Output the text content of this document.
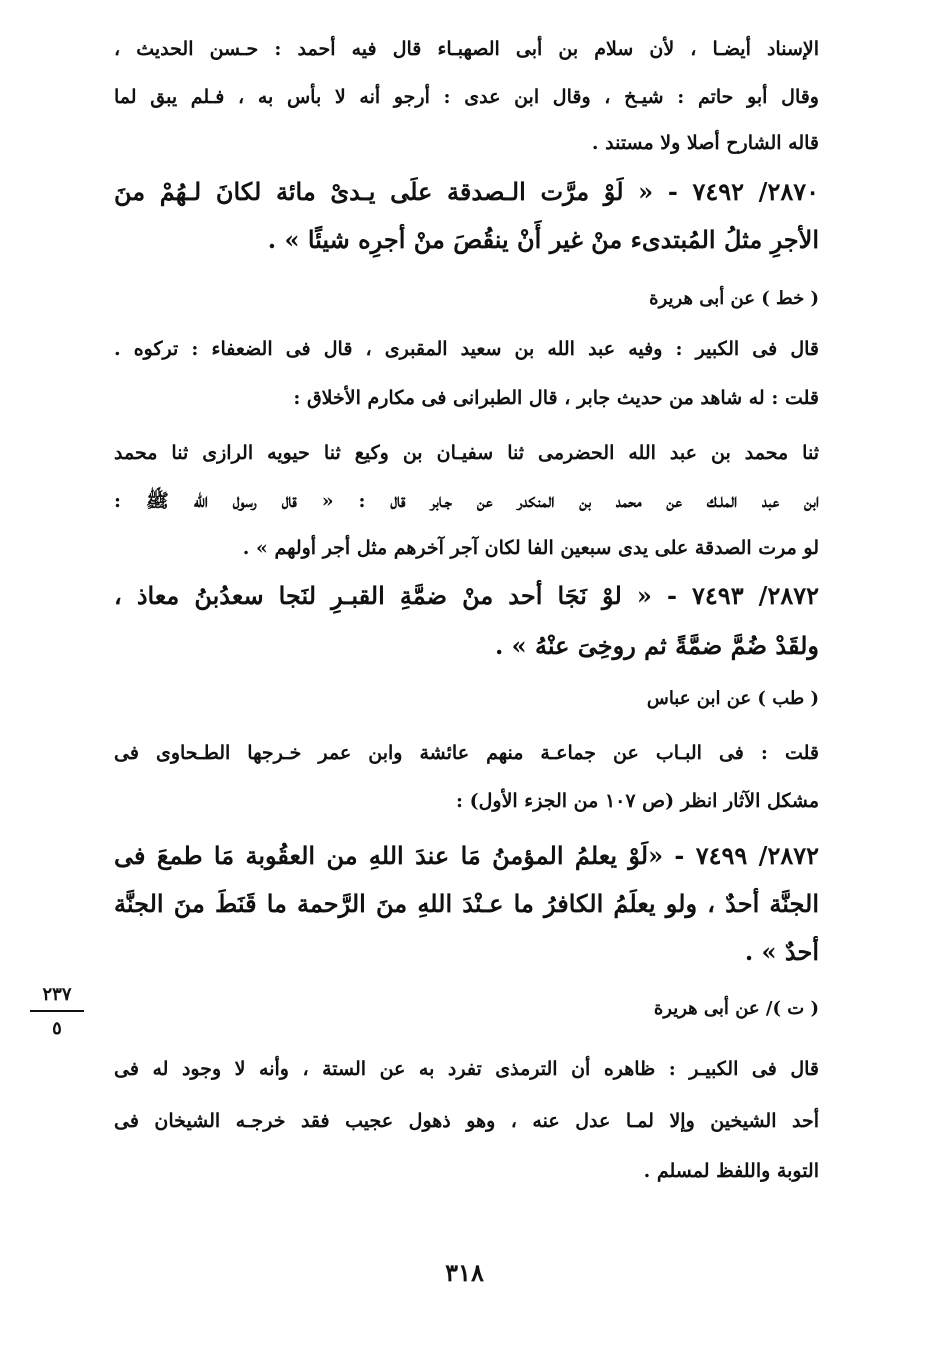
الإسناد أيضـا ، لأن سلام بن أبى الصهبـاء قال فيه أحمد : حـسن الحديث ،
وقال أبو حاتم : شيـخ ، وقال ابن عدى : أرجو أنه لا بأس به ، فـلم يبق لما
قاله الشارح أصلا ولا مستند .
٢٨٧٠/ ٧٤٩٢ - « لَوْ مرَّت الـصدقة علَى يـدىْ مائة لكانَ لـهُمْ منَ
الأجرِ مثلُ المُبتدىء منْ غير أَنْ ينقُصَ منْ أجرِه شيئًا » .
( خط ) عن أبى هريرة
قال فى الكبير : وفيه عبد الله بن سعيد المقبرى ، قال فى الضعفاء : تركوه .
قلت : له شاهد من حديث جابر ، قال الطبرانى فى مكارم الأخلاق :
ثنا محمد بن عبد الله الحضرمى ثنا سفيـان بن وكيع ثنا حيويه الرازى ثنا محمد
ابن عبد الملـك عن محمد بن المنكدر عن جـابر قال : « قال رسول الله ﷺ :
لو مرت الصدقة على يدى سبعين الفا لكان آجر آخرهم مثل أجر أولهم » .
٢٨٧٢/ ٧٤٩٣ - « لوْ نَجَا أحد منْ ضمَّةِ القبـرِ لنَجا سعدُبنُ معاذ ،
ولقَدْ ضُمَّ ضمَّةً ثم روخِىَ عنْهُ » .
( طب ) عن ابن عباس
قلت : فى البـاب عن جماعـة منهم عائشة وابن عمر خـرجها الطـحاوى فى
مشكل الآثار انظر (ص ١٠٧ من الجزء الأول) :
٢٨٧٢/ ٧٤٩٩ - «لَوْ يعلمُ المؤمنُ مَا عندَ اللهِ من العقُوبة مَا طمعَ فى
الجنَّة أحدٌ ، ولو يعلَمُ الكافرُ ما عـنْدَ اللهِ منَ الرَّحمة ما قَنَطَ منَ الجنَّة
أحدٌ » .
( ت )/ عن أبى هريرة
قال فى الكبيـر : ظاهره أن الترمذى تفرد به عن الستة ، وأنه لا وجود له فى
أحد الشيخين وإلا لمـا عدل عنه ، وهو ذهول عجيب فقد خرجـه الشيخان فى
التوبة واللفظ لمسلم .
٢٣٧
٥
٣١٨
